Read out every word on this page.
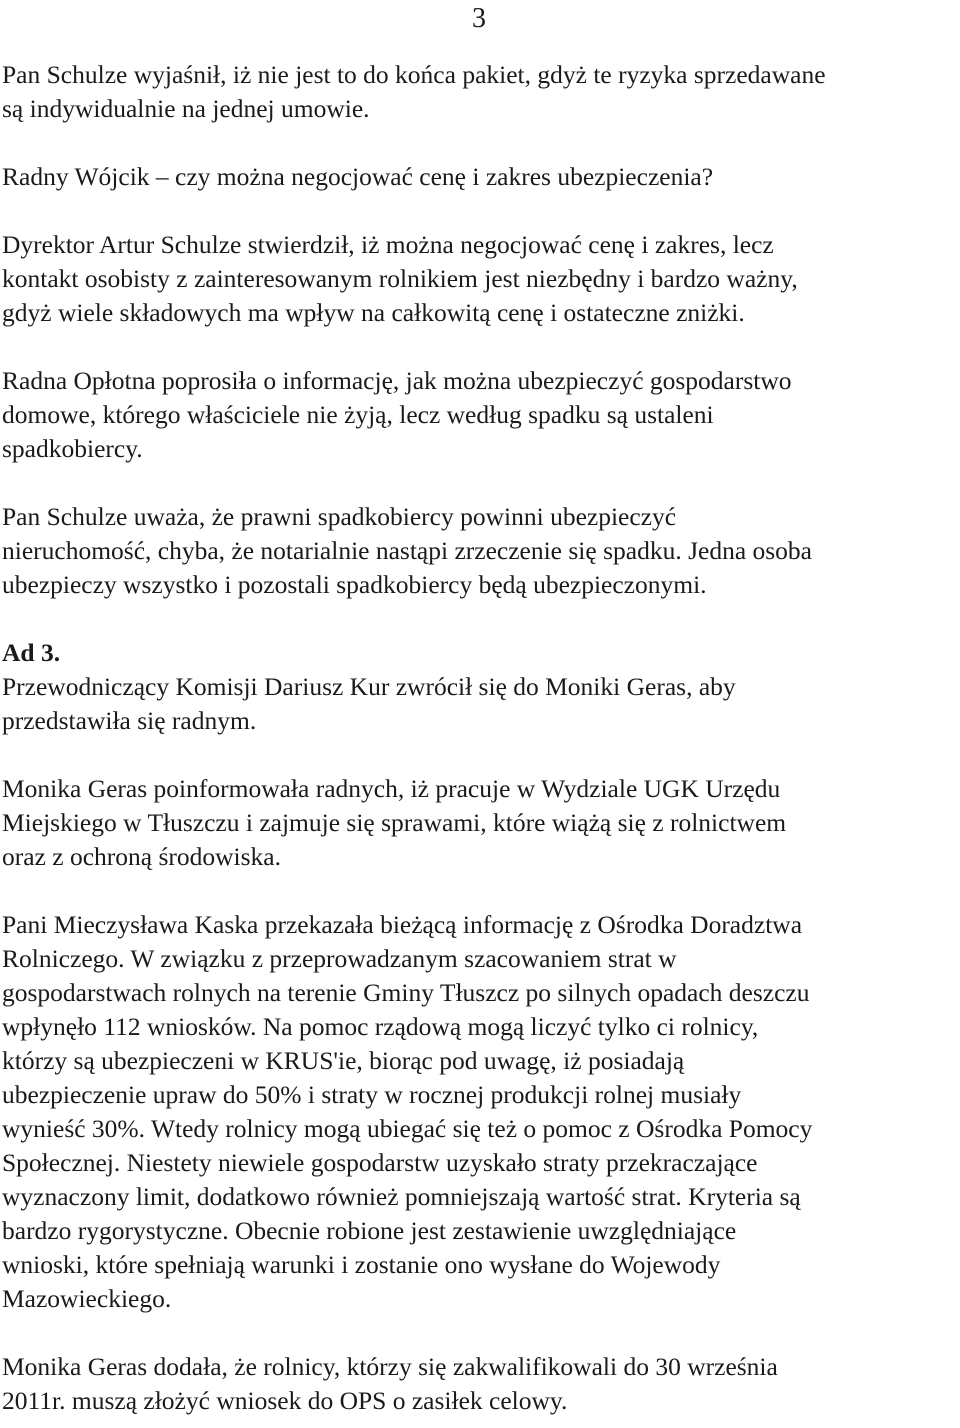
3

Pan Schulze wyjaśnił, iż nie jest to do końca pakiet, gdyż te ryzyka sprzedawane
są indywidualnie na jednej umowie.

Radny Wójcik – czy można negocjować cenę i zakres ubezpieczenia?

Dyrektor Artur Schulze stwierdził, iż można negocjować cenę i zakres, lecz
kontakt osobisty z zainteresowanym rolnikiem jest niezbędny i bardzo ważny,
gdyż wiele składowych ma wpływ na całkowitą cenę i ostateczne zniżki.

Radna Opłotna poprosiła o informację, jak można ubezpieczyć gospodarstwo
domowe, którego właściciele nie żyją, lecz według spadku są ustaleni
spadkobiercy.

Pan Schulze uważa, że prawni spadkobiercy powinni ubezpieczyć
nieruchomość, chyba, że notarialnie nastąpi zrzeczenie się spadku. Jedna osoba
ubezpieczy wszystko i pozostali spadkobiercy będą ubezpieczonymi.

Ad 3.

Przewodniczący Komisji Dariusz Kur zwrócił się do Moniki Geras, aby
przedstawiła się radnym.

Monika Geras poinformowała radnych, iż pracuje w Wydziale UGK Urzędu
Miejskiego w Tłuszczu i zajmuje się sprawami, które wiążą się z rolnictwem
oraz z ochroną środowiska.

Pani Mieczysława Kaska przekazała bieżącą informację z Ośrodka Doradztwa
Rolniczego. W związku z przeprowadzanym szacowaniem strat w
gospodarstwach rolnych na terenie Gminy Tłuszcz po silnych opadach deszczu
wpłynęło 112 wniosków. Na pomoc rządową mogą liczyć tylko ci rolnicy,
którzy są ubezpieczeni w KRUS'ie, biorąc pod uwagę, iż posiadają
ubezpieczenie upraw do 50% i straty w rocznej produkcji rolnej musiały
wynieść 30%. Wtedy rolnicy mogą ubiegać się też o pomoc z Ośrodka Pomocy
Społecznej. Niestety niewiele gospodarstw uzyskało straty przekraczające
wyznaczony limit, dodatkowo również pomniejszają wartość strat. Kryteria są
bardzo rygorystyczne. Obecnie robione jest zestawienie uwzględniające
wnioski, które spełniają warunki i zostanie ono wysłane do Wojewody
Mazowieckiego.

Monika Geras dodała, że rolnicy, którzy się zakwalifikowali do 30 września
2011r. muszą złożyć wniosek do OPS o zasiłek celowy.
